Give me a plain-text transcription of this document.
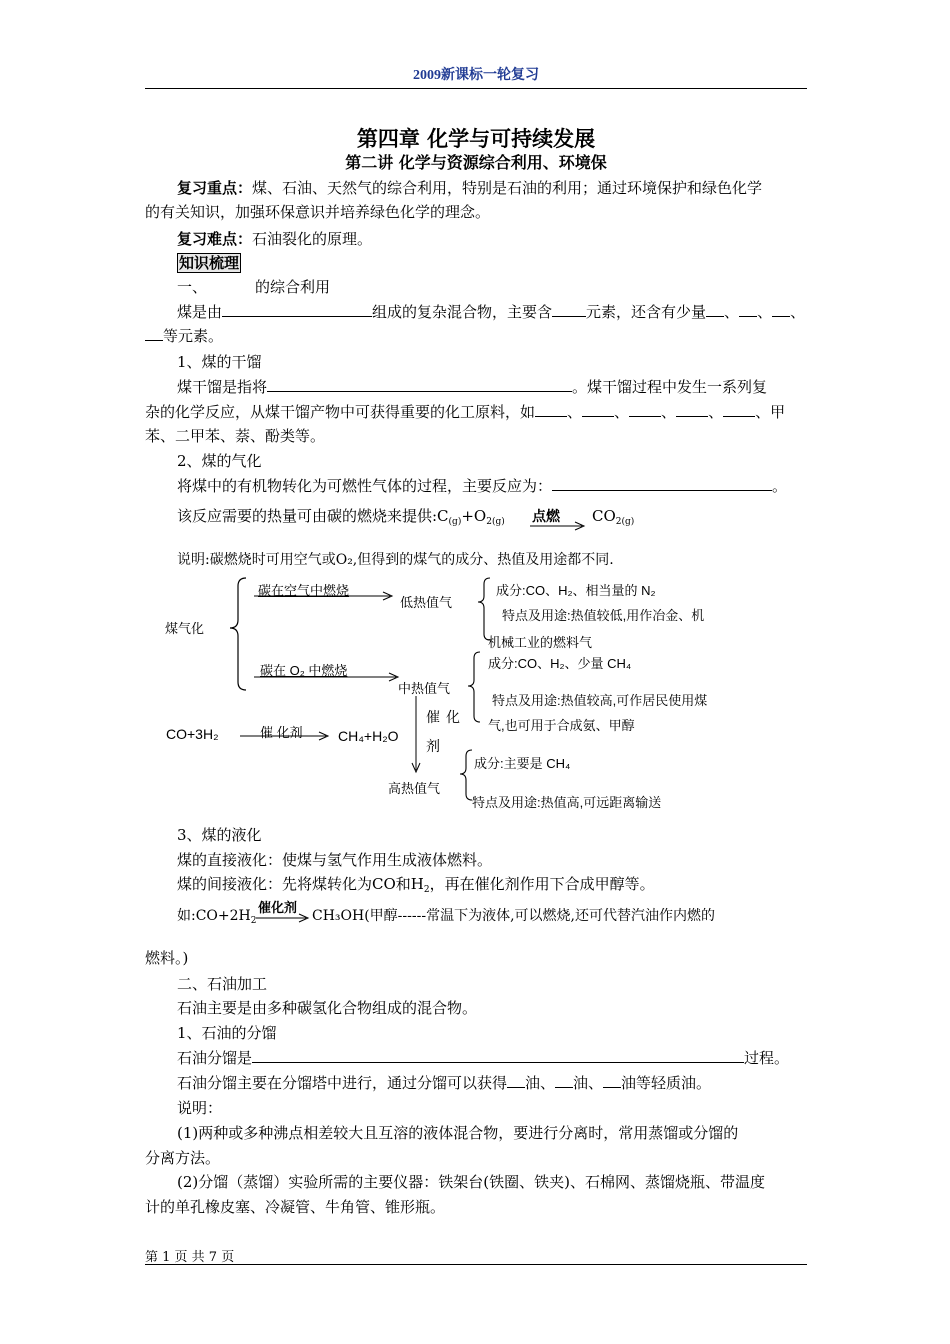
2009新课标一轮复习
第四章 化学与可持续发展
第二讲 化学与资源综合利用、环境保
复习重点：煤、石油、天然气的综合利用，特别是石油的利用；通过环境保护和绿色化学
的有关知识，加强环保意识并培养绿色化学的理念。
复习难点：石油裂化的原理。
知识梳理
一、	的综合利用
煤是由	组成的复杂混合物，主要含 元素，还含有少量 、 、 、
等元素。
1、煤的干馏
煤干馏是指将	。煤干馏过程中发生一系列复
杂的化学反应，从煤干馏产物中可获得重要的化工原料，如 、 、 、 、 、甲
苯、二甲苯、萘、酚类等。
2、煤的气化
将煤中的有机物转化为可燃性气体的过程，主要反应为：	。
该反应需要的热量可由碳的燃烧来提供$:C_{(g)}+O_{2(g)}$ 点燃 $CO_{2(g)}$
说明:碳燃烧时可用空气或O₂,但得到的煤气的成分、热值及用途都不同.
煤气化
碳在空气中燃烧
低热值气
成分:CO、H₂、相当量的 N₂
特点及用途:热值较低,用作冶金、机
机械工业的燃料气
碳在 O₂ 中燃烧
中热值气
成分:CO、H₂、少量 CH₄
特点及用途:热值较高,可作居民使用煤
气,也可用于合成氨、甲醇
催 化
剂
CO+3H₂	催 化剂	CH₄+H₂O
高热值气
成分:主要是 CH₄
特点及用途:热值高,可远距离输送
3、煤的液化
煤的直接液化：使煤与氢气作用生成液体燃料。
煤的间接液化：先将煤转化为CO和$H_2$，再在催化剂作用下合成甲醇等。
如$:CO+2H_2$
催化剂
CH₃OH(甲醇------常温下为液体,可以燃烧,还可代替汽油作内燃的
燃料。)
二、石油加工
石油主要是由多种碳氢化合物组成的混合物。
1、石油的分馏
石油分馏是	过程。
石油分馏主要在分馏塔中进行，通过分馏可以获得 油、 油、 油等轻质油。
说明：
(1)两种或多种沸点相差较大且互溶的液体混合物，要进行分离时，常用蒸馏或分馏的
分离方法。
(2)分馏（蒸馏）实验所需的主要仪器：铁架台(铁圈、铁夹)、石棉网、蒸馏烧瓶、带温度
计的单孔橡皮塞、冷凝管、牛角管、锥形瓶。
第 1 页 共 7 页
